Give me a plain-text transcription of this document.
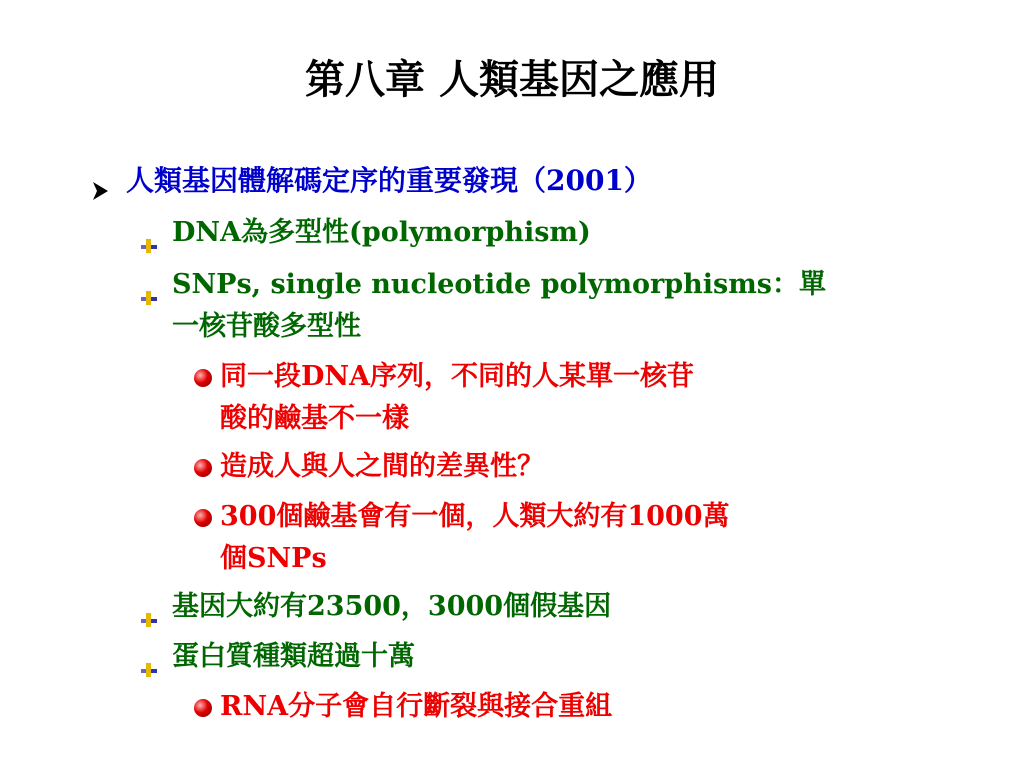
第八章 人類基因之應用
人類基因體解碼定序的重要發現（2001）
DNA為多型性(polymorphism)
SNPs, single nucleotide polymorphisms：單
一核苷酸多型性
同一段DNA序列，不同的人某單一核苷
酸的鹼基不一樣
造成人與人之間的差異性？
300個鹼基會有一個，人類大約有1000萬
個SNPs
基因大約有23500，3000個假基因
蛋白質種類超過十萬
RNA分子會自行斷裂與接合重組
